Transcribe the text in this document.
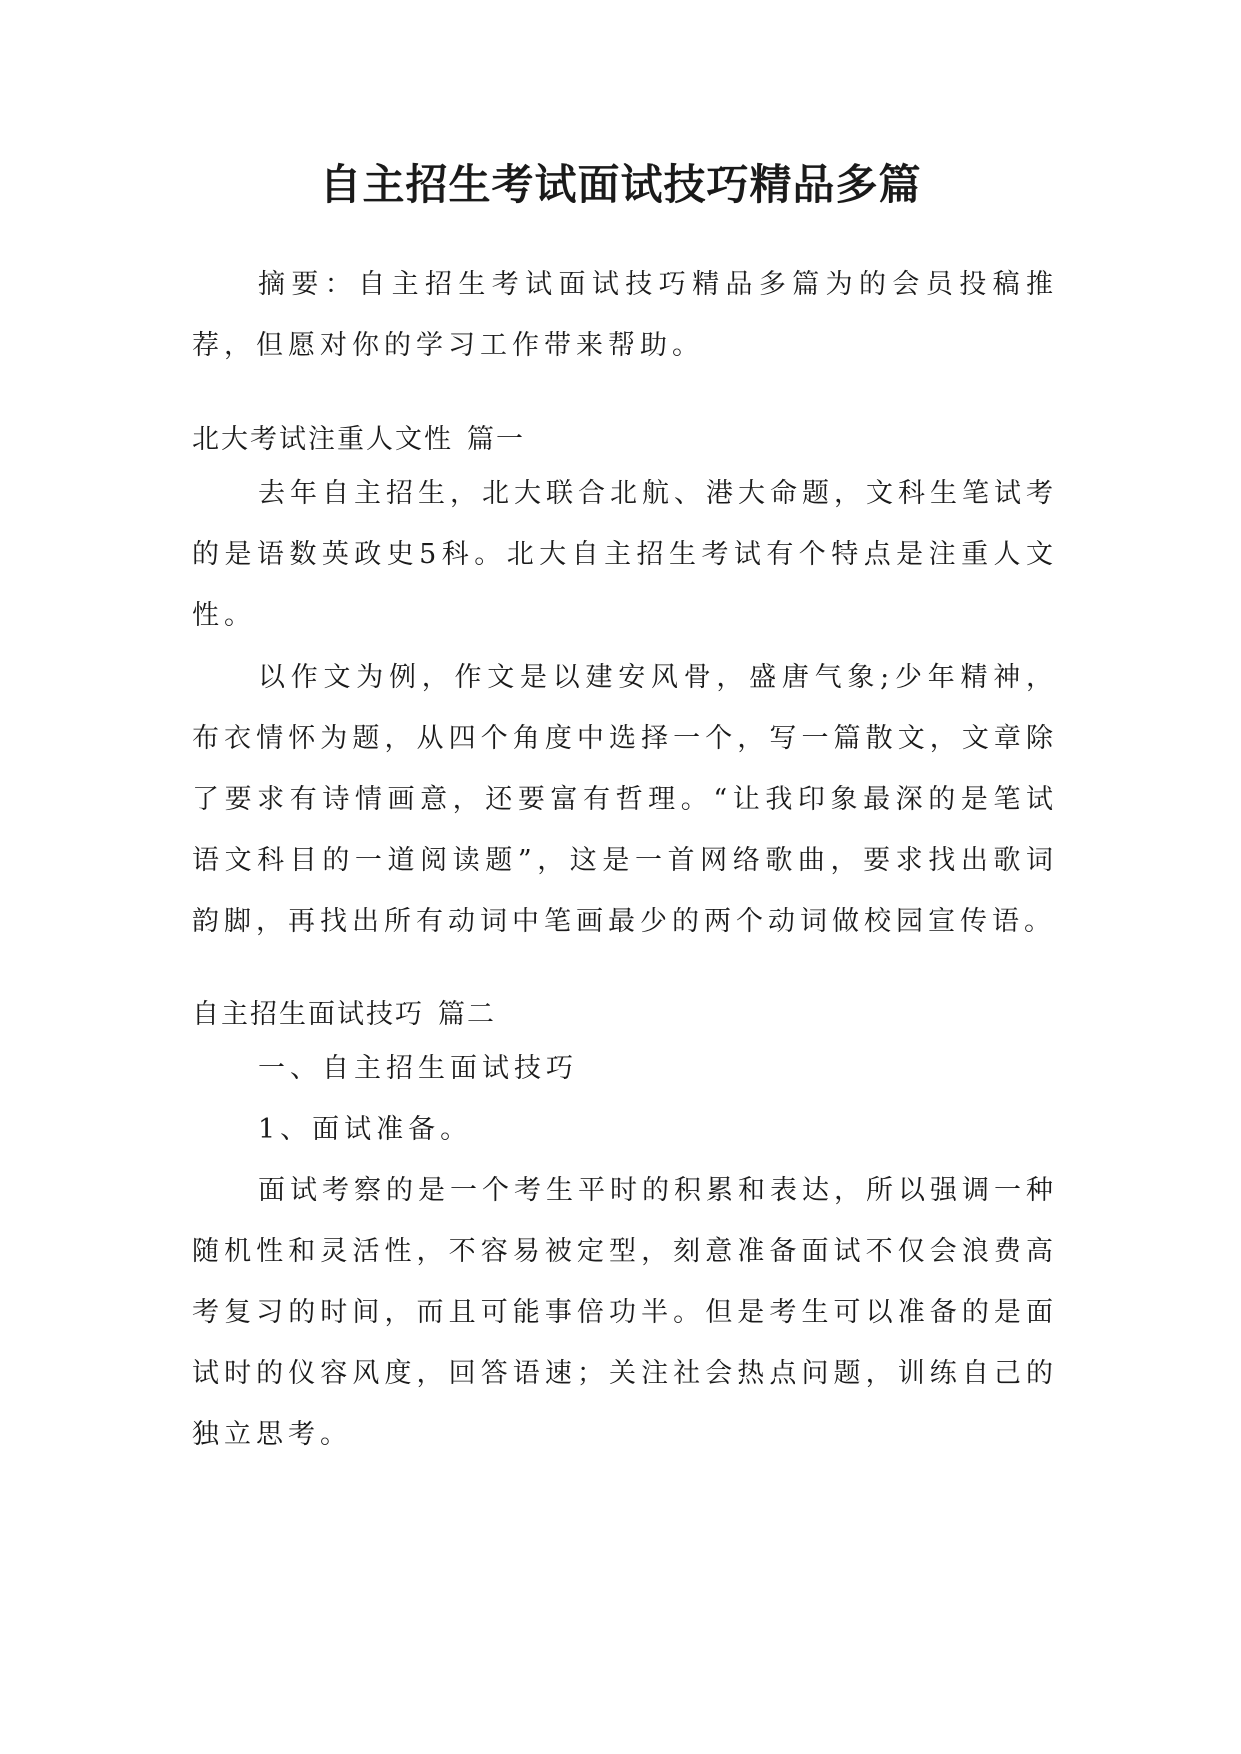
自主招生考试面试技巧精品多篇

摘要：自主招生考试面试技巧精品多篇为的会员投稿推荐，但愿对你的学习工作带来帮助。

北大考试注重人文性 篇一

去年自主招生，北大联合北航、港大命题，文科生笔试考的是语数英政史5科。北大自主招生考试有个特点是注重人文性。

以作文为例，作文是以建安风骨，盛唐气象;少年精神，布衣情怀为题，从四个角度中选择一个，写一篇散文，文章除了要求有诗情画意，还要富有哲理。“让我印象最深的是笔试语文科目的一道阅读题”，这是一首网络歌曲，要求找出歌词韵脚，再找出所有动词中笔画最少的两个动词做校园宣传语。

自主招生面试技巧 篇二

一、自主招生面试技巧

1、面试准备。

面试考察的是一个考生平时的积累和表达，所以强调一种随机性和灵活性，不容易被定型，刻意准备面试不仅会浪费高考复习的时间，而且可能事倍功半。但是考生可以准备的是面试时的仪容风度，回答语速；关注社会热点问题，训练自己的独立思考。
